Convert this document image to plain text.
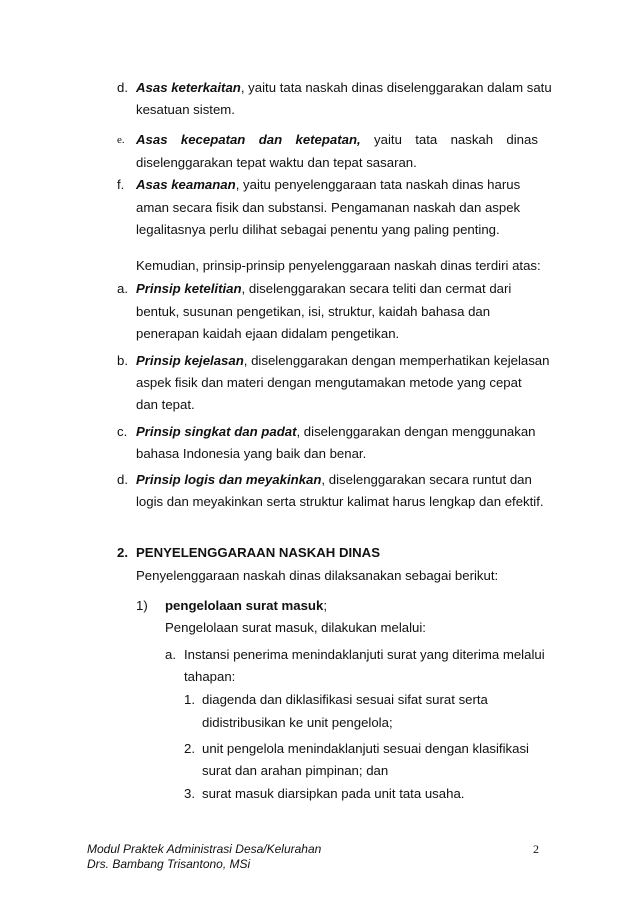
d. Asas keterkaitan, yaitu tata naskah dinas diselenggarakan dalam satu
kesatuan sistem.
e. Asas kecepatan dan ketepatan, yaitu tata naskah dinas
diselenggarakan tepat waktu dan tepat sasaran.
f. Asas keamanan, yaitu penyelenggaraan tata naskah dinas harus
aman secara fisik dan substansi. Pengamanan naskah dan aspek
legalitasnya perlu dilihat sebagai penentu yang paling penting.
Kemudian, prinsip-prinsip penyelenggaraan naskah dinas terdiri atas:
a. Prinsip ketelitian, diselenggarakan secara teliti dan cermat dari
bentuk, susunan pengetikan, isi, struktur, kaidah bahasa dan
penerapan kaidah ejaan didalam pengetikan.
b. Prinsip kejelasan, diselenggarakan dengan memperhatikan kejelasan
aspek fisik dan materi dengan mengutamakan metode yang cepat
dan tepat.
c. Prinsip singkat dan padat, diselenggarakan dengan menggunakan
bahasa Indonesia yang baik dan benar.
d. Prinsip logis dan meyakinkan, diselenggarakan secara runtut dan
logis dan meyakinkan serta struktur kalimat harus lengkap dan efektif.
2. PENYELENGGARAAN NASKAH DINAS
Penyelenggaraan naskah dinas dilaksanakan sebagai berikut:
1) pengelolaan surat masuk;
Pengelolaan surat masuk, dilakukan melalui:
a. Instansi penerima menindaklanjuti surat yang diterima melalui
tahapan:
1. diagenda dan diklasifikasi sesuai sifat surat serta
didistribusikan ke unit pengelola;
2. unit pengelola menindaklanjuti sesuai dengan klasifikasi
surat dan arahan pimpinan; dan
3. surat masuk diarsipkan pada unit tata usaha.
Modul Praktek Administrasi Desa/Kelurahan
Drs. Bambang Trisantono, MSi
2
